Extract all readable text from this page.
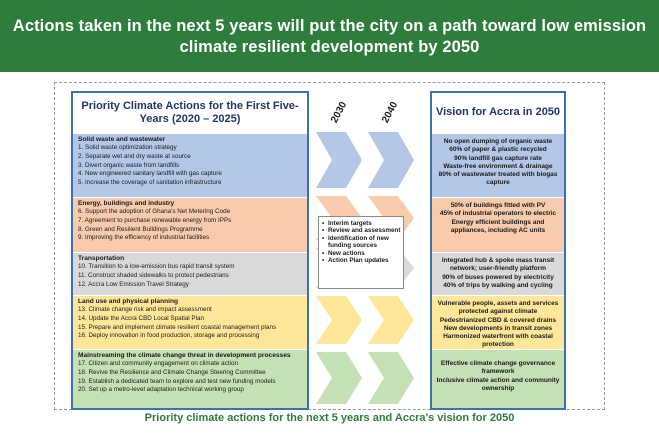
Actions taken in the next 5 years will put the city on a path toward low emission climate resilient development by 2050
Priority Climate Actions for the First Five-Years (2020 – 2025)
Solid waste and wastewater
1. Solid waste optimization strategy
2. Separate wet and dry waste at source
3. Divert organic waste from landfills
4. New engineered sanitary landfill with gas capture
5. Increase the coverage of sanitation infrastructure
Energy, buildings and industry
6. Support the adoption of Ghana's Net Metering Code
7. Agreement to purchase renewable energy from IPPs
8. Green and Resilient Buildings Programme
9. Improving the efficiency of industrial facilities
Transportation
10. Transition to a low-emission bus rapid transit system
11. Construct shaded sidewalks to protect pedestrians
12. Accra Low Emission Travel Strategy
Land use and physical planning
13. Climate change risk and impact assessment
14. Update the Accra CBD Local Spatial Plan
15. Prepare and implement climate resilient coastal management plans
16. Deploy innovation in food production, storage and processing
Mainstreaming the climate change threat in development processes
17. Citizen and community engagement on climate action
18. Revive the Resilience and Climate Change Steering Committee
19. Establish a dedicated team to explore and test new funding models
20. Set up a metro-level adaptation technical working group
2030	2040
• Interim targets
• Review and assessment
• Identification of new funding sources
• New actions
• Action Plan updates
Vision for Accra in 2050
No open dumping of organic waste
60% of paper & plastic recycled
90% landfill gas capture rate
Waste-free environment & drainage
80% of wastewater treated with biogas capture
50% of buildings fitted with PV
45% of industrial operators to electric
Energy efficient buildings and appliances, including AC units
Integrated hub & spoke mass transit network; user-friendly platform
90% of buses powered by electricity
40% of trips by walking and cycling
Vulnerable people, assets and services protected against climate
Pedestrianized CBD & covered drains
New developments in transit zones
Harmonized waterfront with coastal protection
Effective climate change governance framework
Inclusive climate action and community ownership
Priority climate actions for the next 5 years and Accra's vision for 2050
